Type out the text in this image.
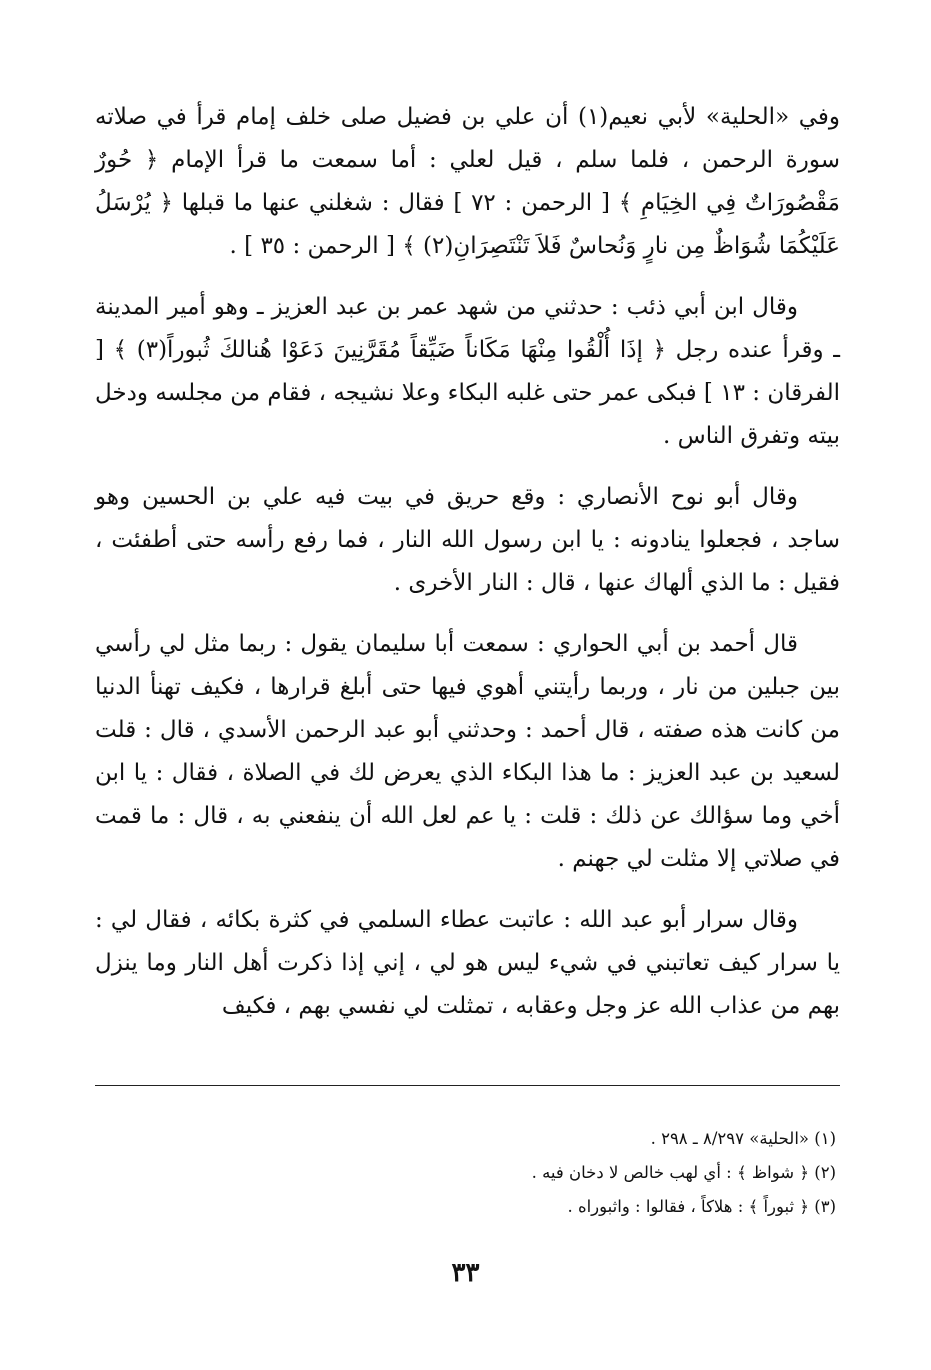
وفي «الحلية» لأبي نعيم(١) أن علي بن فضيل صلى خلف إمام قرأ في صلاته سورة الرحمن ، فلما سلم ، قيل لعلي : أما سمعت ما قرأ الإمام ﴿ حُورٌ مَقْصُورَاتٌ فِي الخِيَامِ ﴾ [ الرحمن : ٧٢ ] فقال : شغلني عنها ما قبلها ﴿ يُرْسَلُ عَلَيْكُمَا شُوَاظٌ مِن نارٍ وَنُحاسٌ فَلاَ تَنْتَصِرَانِ(٢) ﴾ [ الرحمن : ٣٥ ] .

وقال ابن أبي ذئب : حدثني من شهد عمر بن عبد العزيز ـ وهو أمير المدينة ـ وقرأ عنده رجل ﴿ إذَا أُلْقُوا مِنْهَا مَكَاناً ضَيِّقاً مُقَرَّنِينَ دَعَوْا هُنالكَ ثُبوراً(٣) ﴾ [ الفرقان : ١٣ ] فبكى عمر حتى غلبه البكاء وعلا نشيجه ، فقام من مجلسه ودخل بيته وتفرق الناس .

وقال أبو نوح الأنصاري : وقع حريق في بيت فيه علي بن الحسين وهو ساجد ، فجعلوا ينادونه : يا ابن رسول الله النار ، فما رفع رأسه حتى أطفئت ، فقيل : ما الذي ألهاك عنها ، قال : النار الأخرى .

قال أحمد بن أبي الحواري : سمعت أبا سليمان يقول : ربما مثل لي رأسي بين جبلين من نار ، وربما رأيتني أهوي فيها حتى أبلغ قرارها ، فكيف تهنأ الدنيا من كانت هذه صفته ، قال أحمد : وحدثني أبو عبد الرحمن الأسدي ، قال : قلت لسعيد بن عبد العزيز : ما هذا البكاء الذي يعرض لك في الصلاة ، فقال : يا ابن أخي وما سؤالك عن ذلك : قلت : يا عم لعل الله أن ينفعني به ، قال : ما قمت في صلاتي إلا مثلت لي جهنم .

وقال سرار أبو عبد الله : عاتبت عطاء السلمي في كثرة بكائه ، فقال لي : يا سرار كيف تعاتبني في شيء ليس هو لي ، إني إذا ذكرت أهل النار وما ينزل بهم من عذاب الله عز وجل وعقابه ، تمثلت لي نفسي بهم ، فكيف

(١) «الحلية» ٨/٢٩٧ ـ ٢٩٨ .

(٢) ﴿ شواظ ﴾ : أي لهب خالص لا دخان فيه .

(٣) ﴿ ثبوراً ﴾ : هلاكاً ، فقالوا : واثبوراه .

٣٣
